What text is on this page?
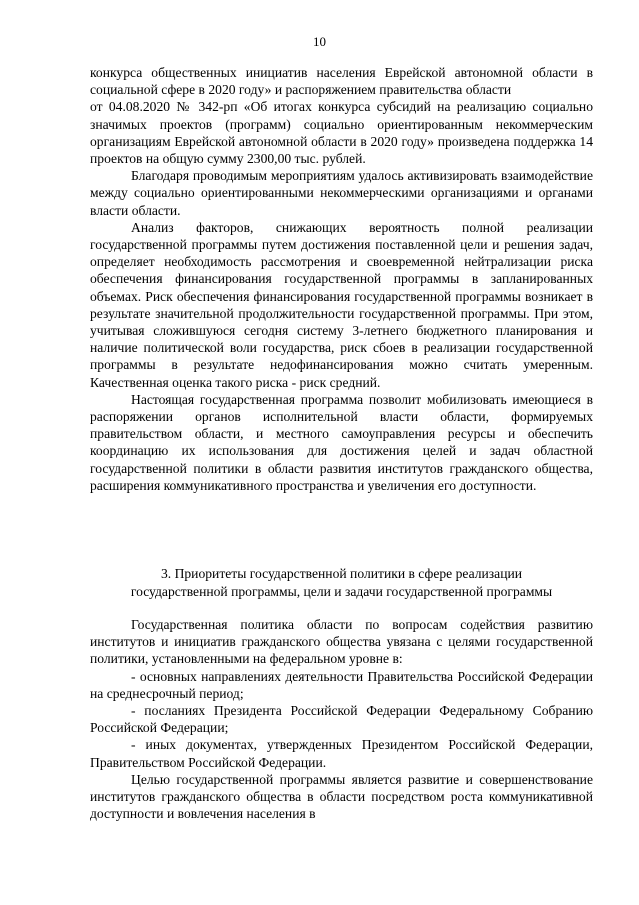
10

конкурса общественных инициатив населения Еврейской автономной области в социальной сфере в 2020 году» и распоряжением правительства области

от 04.08.2020 № 342-рп «Об итогах конкурса субсидий на реализацию социально значимых проектов (программ) социально ориентированным некоммерческим организациям Еврейской автономной области в 2020 году» произведена поддержка 14 проектов на общую сумму 2300,00 тыс. рублей.

Благодаря проводимым мероприятиям удалось активизировать взаимодействие между социально ориентированными некоммерческими организациями и органами власти области.

Анализ факторов, снижающих вероятность полной реализации государственной программы путем достижения поставленной цели и решения задач, определяет необходимость рассмотрения и своевременной нейтрализации риска обеспечения финансирования государственной программы в запланированных объемах. Риск обеспечения финансирования государственной программы возникает в результате значительной продолжительности государственной программы. При этом, учитывая сложившуюся сегодня систему 3-летнего бюджетного планирования и наличие политической воли государства, риск сбоев в реализации государственной программы в результате недофинансирования можно считать умеренным. Качественная оценка такого риска - риск средний.

Настоящая государственная программа позволит мобилизовать имеющиеся в распоряжении органов исполнительной власти области, формируемых правительством области, и местного самоуправления ресурсы и обеспечить координацию их использования для достижения целей и задач областной государственной политики в области развития институтов гражданского общества, расширения коммуникативного пространства и увеличения его доступности.

3. Приоритеты государственной политики в сфере реализации

государственной программы, цели и задачи государственной программы

Государственная политика области по вопросам содействия развитию институтов и инициатив гражданского общества увязана с целями государственной политики, установленными на федеральном уровне в:

- основных направлениях деятельности Правительства Российской Федерации на среднесрочный период;

- посланиях Президента Российской Федерации Федеральному Собранию Российской Федерации;

- иных документах, утвержденных Президентом Российской Федерации, Правительством Российской Федерации.

Целью государственной программы является развитие и совершенствование институтов гражданского общества в области посредством роста коммуникативной доступности и вовлечения населения в
